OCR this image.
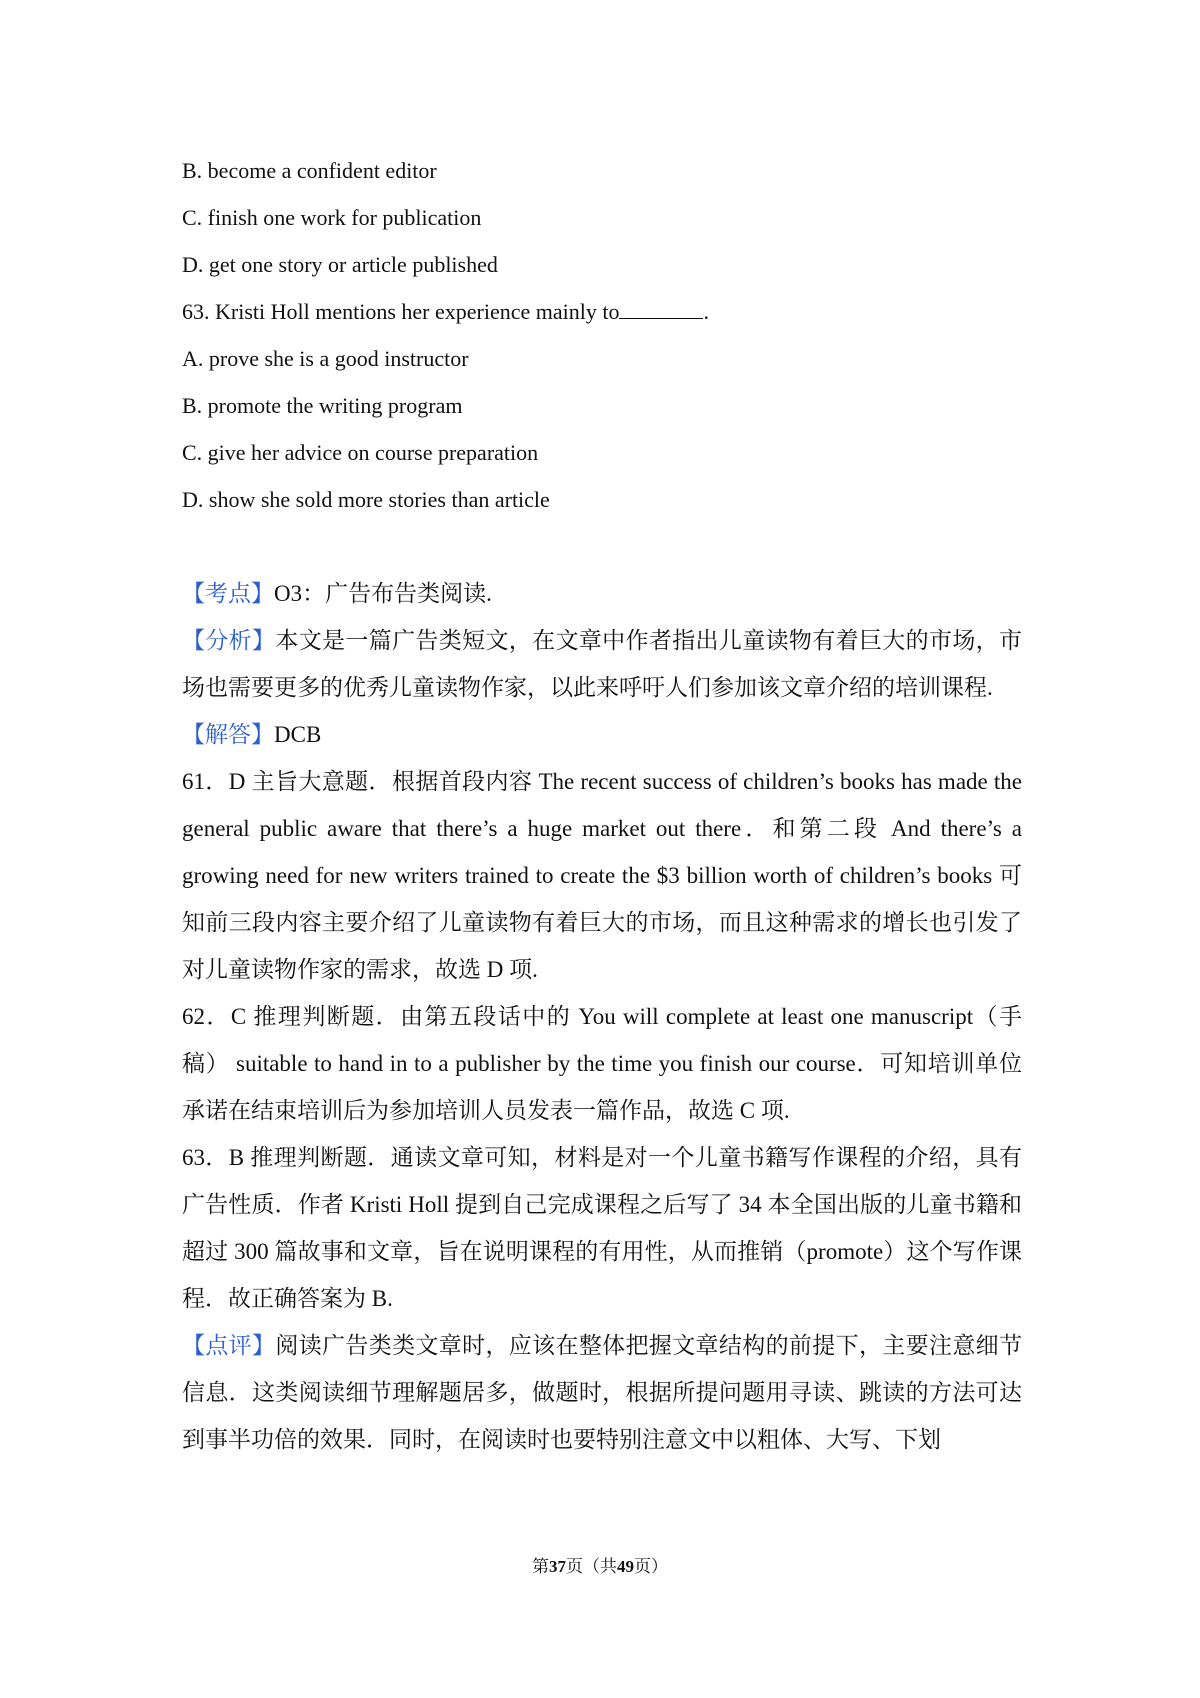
B. become a confident editor
C. finish one work for publication
D. get one story or article published
63. Kristi Holl mentions her experience mainly to	.
A. prove she is a good instructor
B. promote the writing program
C. give her advice on course preparation
D. show she sold more stories than article

【考点】O3：广告布告类阅读.

【分析】本文是一篇广告类短文，在文章中作者指出儿童读物有着巨大的市场，市场也需要更多的优秀儿童读物作家，以此来呼吁人们参加该文章介绍的培训课程.

【解答】DCB

61．D 主旨大意题．根据首段内容 The recent success of children’s books has made the general public aware that there’s a huge market out there．和第二段 And there’s a growing need for new writers trained to create the $3 billion worth of children’s books 可知前三段内容主要介绍了儿童读物有着巨大的市场，而且这种需求的增长也引发了对儿童读物作家的需求，故选 D 项.

62．C 推理判断题．由第五段话中的 You will complete at least one manuscript（手稿） suitable to hand in to a publisher by the time you finish our course．可知培训单位承诺在结束培训后为参加培训人员发表一篇作品，故选 C 项.

63．B 推理判断题．通读文章可知，材料是对一个儿童书籍写作课程的介绍，具有广告性质．作者 Kristi Holl 提到自己完成课程之后写了 34 本全国出版的儿童书籍和超过 300 篇故事和文章，旨在说明课程的有用性，从而推销（promote）这个写作课程．故正确答案为 B.

【点评】阅读广告类类文章时，应该在整体把握文章结构的前提下，主要注意细节信息．这类阅读细节理解题居多，做题时，根据所提问题用寻读、跳读的方法可达到事半功倍的效果．同时，在阅读时也要特别注意文中以粗体、大写、下划

第37页（共49页）
